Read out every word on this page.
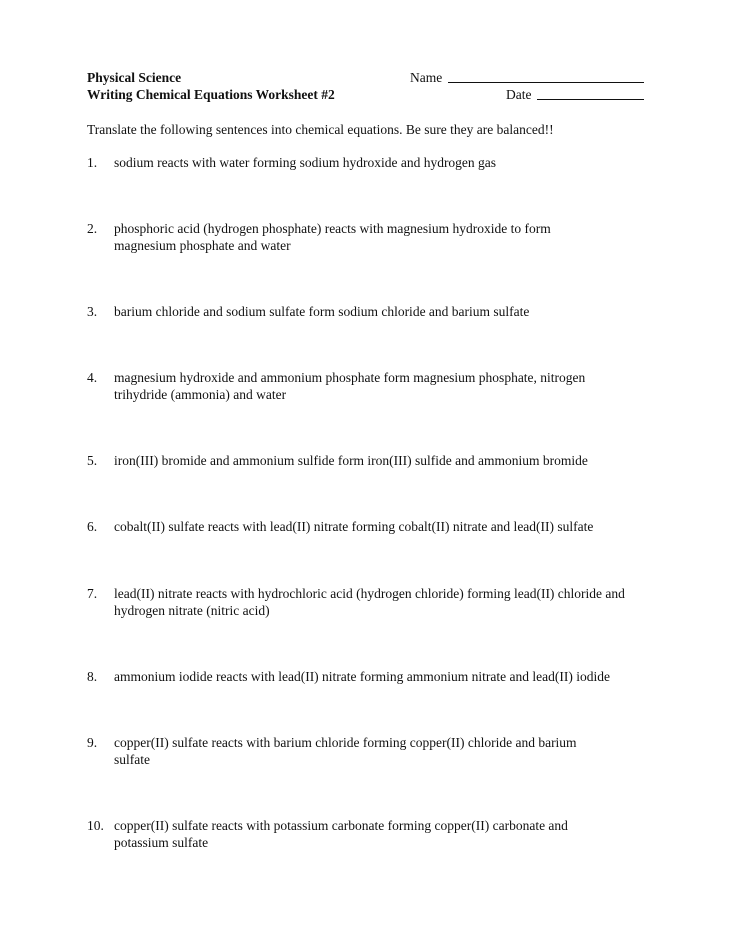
Physical Science
Writing Chemical Equations Worksheet #2
Name
Date
Translate the following sentences into chemical equations. Be sure they are balanced!!
1. sodium reacts with water forming sodium hydroxide and hydrogen gas
2. phosphoric acid (hydrogen phosphate) reacts with magnesium hydroxide to form magnesium phosphate and water
3. barium chloride and sodium sulfate form sodium chloride and barium sulfate
4. magnesium hydroxide and ammonium phosphate form magnesium phosphate, nitrogen trihydride (ammonia) and water
5. iron(III) bromide and ammonium sulfide form iron(III) sulfide and ammonium bromide
6. cobalt(II) sulfate reacts with lead(II) nitrate forming cobalt(II) nitrate and lead(II) sulfate
7. lead(II) nitrate reacts with hydrochloric acid (hydrogen chloride) forming lead(II) chloride and hydrogen nitrate (nitric acid)
8. ammonium iodide reacts with lead(II) nitrate forming ammonium nitrate and lead(II) iodide
9. copper(II) sulfate reacts with barium chloride forming copper(II) chloride and barium sulfate
10. copper(II) sulfate reacts with potassium carbonate forming copper(II) carbonate and potassium sulfate
